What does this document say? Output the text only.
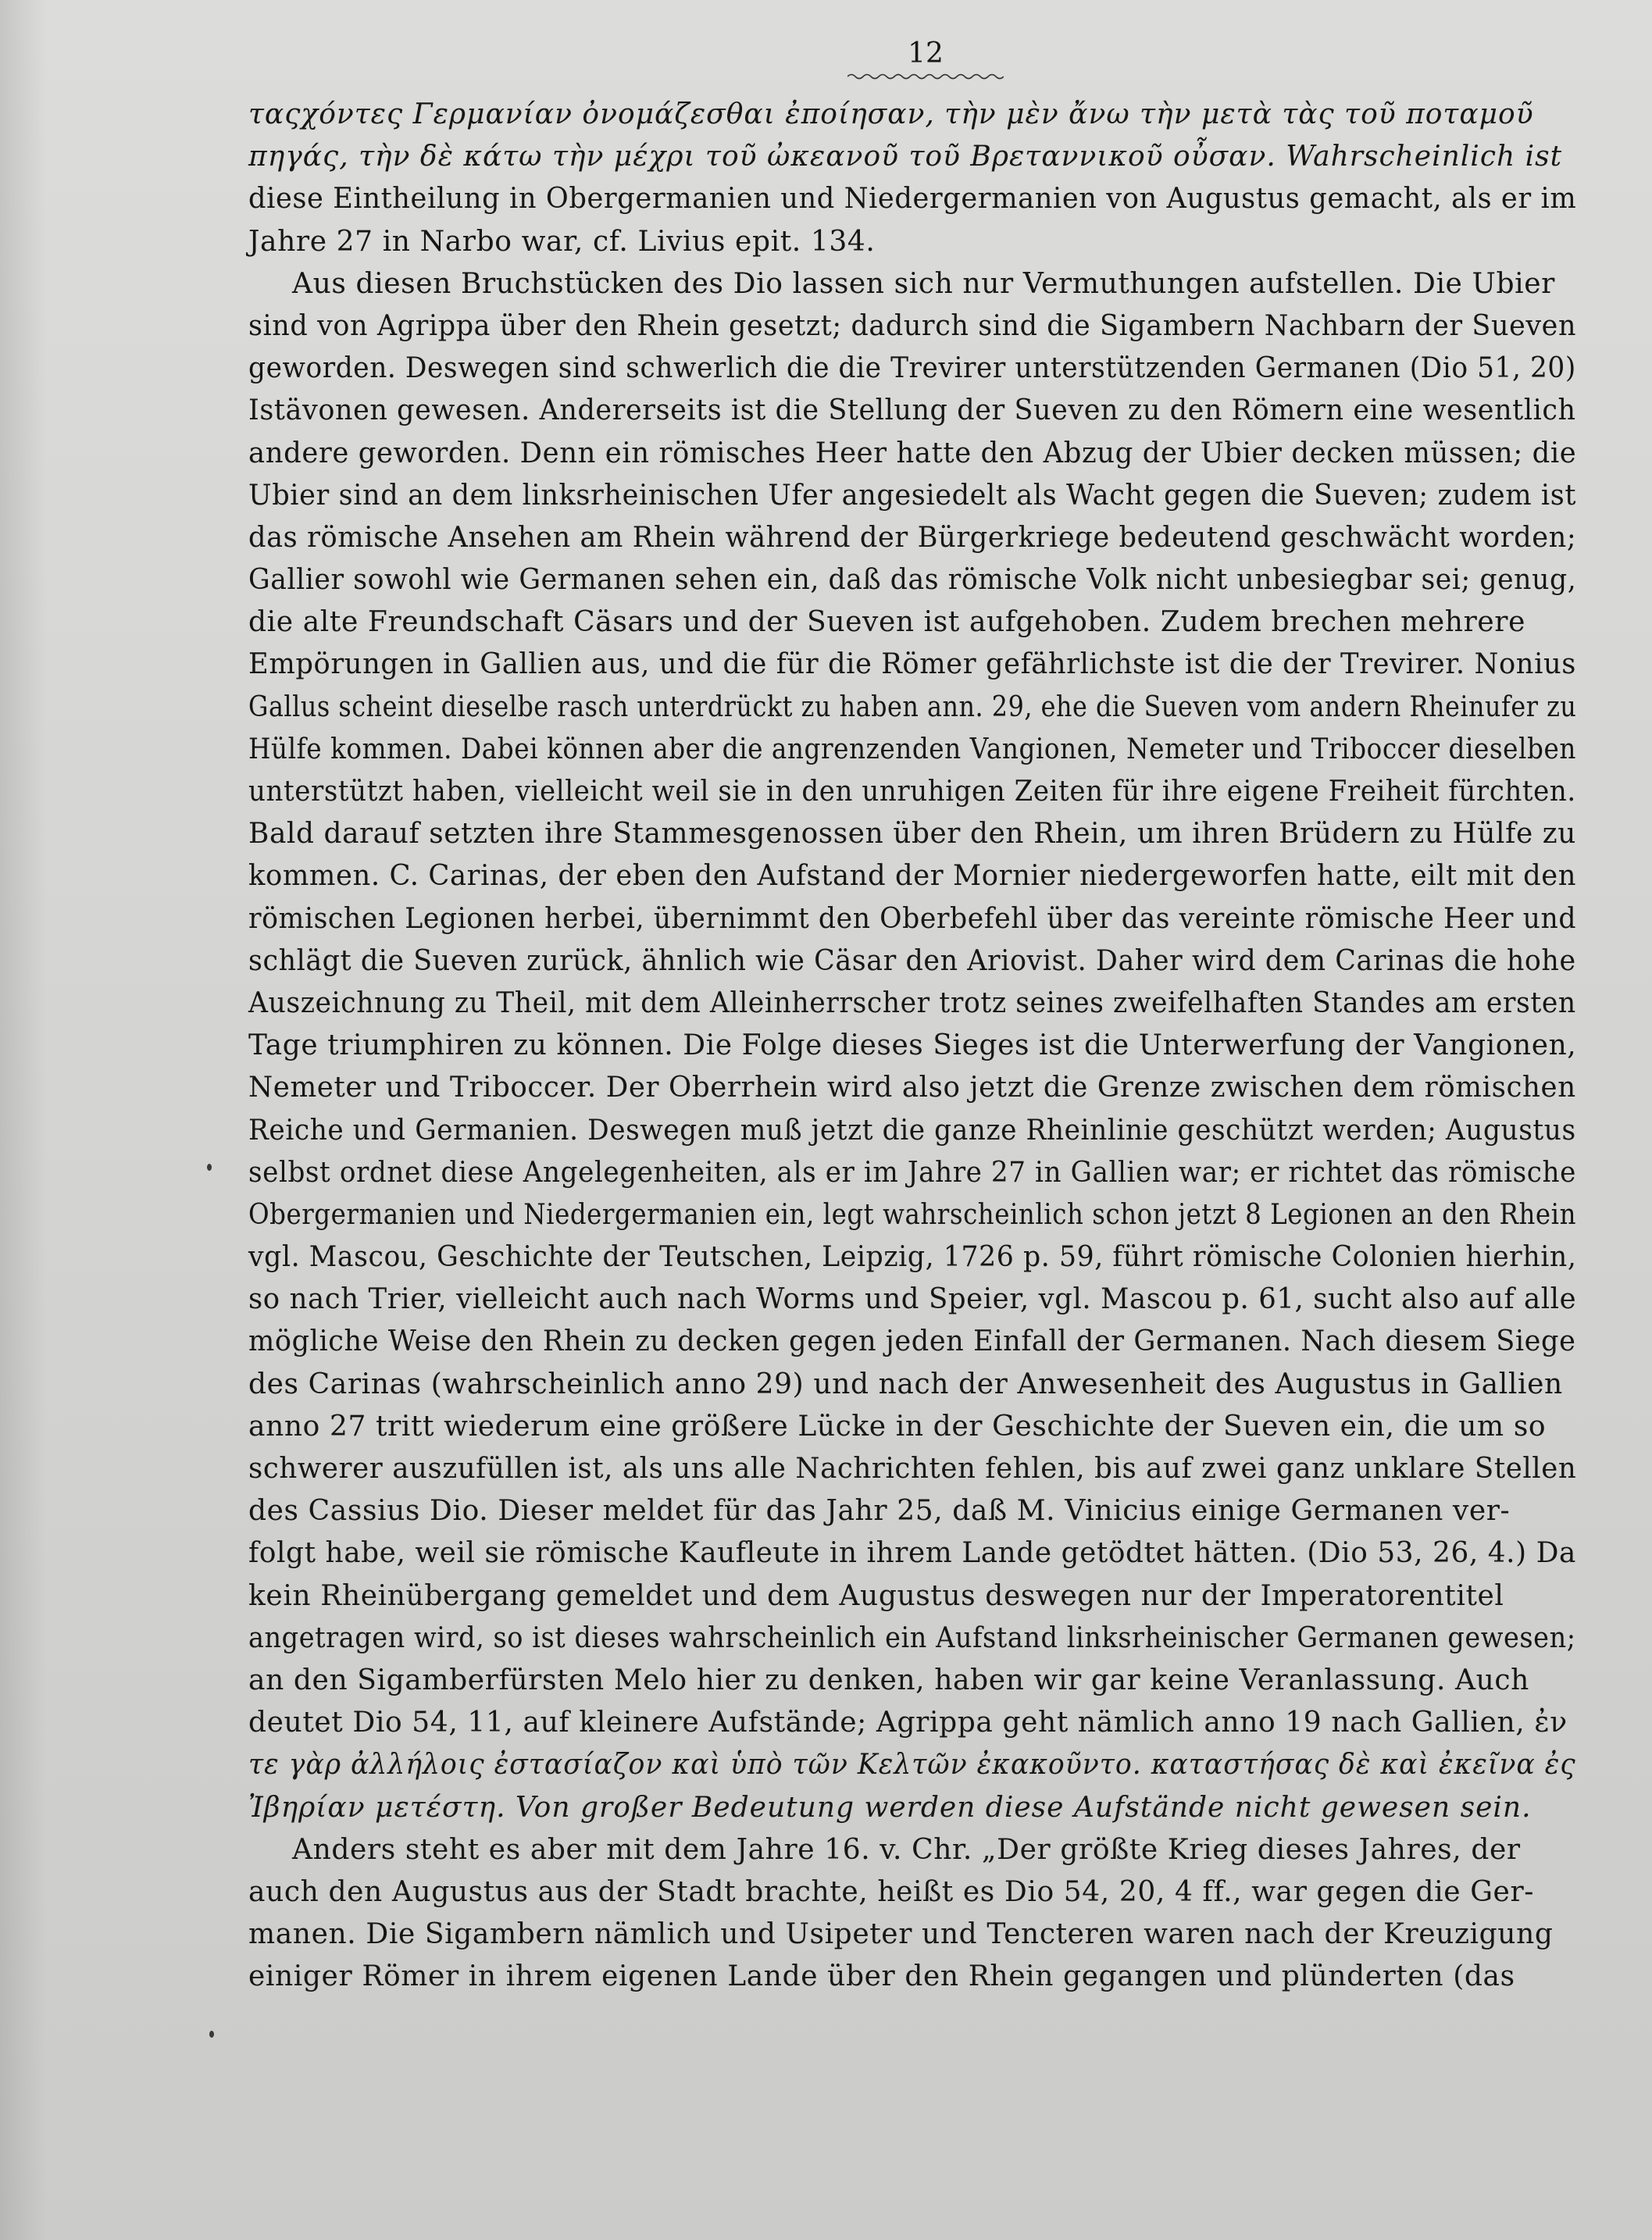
12
ταςχόντες Γερμανίαν ὀνομάζεσθαι ἐποίησαν, τὴν μὲν ἄνω τὴν μετὰ τὰς τοῦ ποταμοῦ
πηγάς, τὴν δὲ κάτω τὴν μέχρι τοῦ ὠκεανοῦ τοῦ Βρεταννικοῦ οὖσαν. Wahrscheinlich ist
diese Eintheilung in Obergermanien und Niedergermanien von Augustus gemacht, als er im
Jahre 27 in Narbo war, cf. Livius epit. 134.
Aus diesen Bruchstücken des Dio lassen sich nur Vermuthungen aufstellen. Die Ubier
sind von Agrippa über den Rhein gesetzt; dadurch sind die Sigambern Nachbarn der Sueven
geworden. Deswegen sind schwerlich die die Trevirer unterstützenden Germanen (Dio 51, 20)
Istävonen gewesen. Andererseits ist die Stellung der Sueven zu den Römern eine wesentlich
andere geworden. Denn ein römisches Heer hatte den Abzug der Ubier decken müssen; die
Ubier sind an dem linksrheinischen Ufer angesiedelt als Wacht gegen die Sueven; zudem ist
das römische Ansehen am Rhein während der Bürgerkriege bedeutend geschwächt worden;
Gallier sowohl wie Germanen sehen ein, daß das römische Volk nicht unbesiegbar sei; genug,
die alte Freundschaft Cäsars und der Sueven ist aufgehoben. Zudem brechen mehrere
Empörungen in Gallien aus, und die für die Römer gefährlichste ist die der Trevirer. Nonius
Gallus scheint dieselbe rasch unterdrückt zu haben ann. 29, ehe die Sueven vom andern Rheinufer zu
Hülfe kommen. Dabei können aber die angrenzenden Vangionen, Nemeter und Triboccer dieselben
unterstützt haben, vielleicht weil sie in den unruhigen Zeiten für ihre eigene Freiheit fürchten.
Bald darauf setzten ihre Stammesgenossen über den Rhein, um ihren Brüdern zu Hülfe zu
kommen. C. Carinas, der eben den Aufstand der Mornier niedergeworfen hatte, eilt mit den
römischen Legionen herbei, übernimmt den Oberbefehl über das vereinte römische Heer und
schlägt die Sueven zurück, ähnlich wie Cäsar den Ariovist. Daher wird dem Carinas die hohe
Auszeichnung zu Theil, mit dem Alleinherrscher trotz seines zweifelhaften Standes am ersten
Tage triumphiren zu können. Die Folge dieses Sieges ist die Unterwerfung der Vangionen,
Nemeter und Triboccer. Der Oberrhein wird also jetzt die Grenze zwischen dem römischen
Reiche und Germanien. Deswegen muß jetzt die ganze Rheinlinie geschützt werden; Augustus
selbst ordnet diese Angelegenheiten, als er im Jahre 27 in Gallien war; er richtet das römische
Obergermanien und Niedergermanien ein, legt wahrscheinlich schon jetzt 8 Legionen an den Rhein
vgl. Mascou, Geschichte der Teutschen, Leipzig, 1726 p. 59, führt römische Colonien hierhin,
so nach Trier, vielleicht auch nach Worms und Speier, vgl. Mascou p. 61, sucht also auf alle
mögliche Weise den Rhein zu decken gegen jeden Einfall der Germanen. Nach diesem Siege
des Carinas (wahrscheinlich anno 29) und nach der Anwesenheit des Augustus in Gallien
anno 27 tritt wiederum eine größere Lücke in der Geschichte der Sueven ein, die um so
schwerer auszufüllen ist, als uns alle Nachrichten fehlen, bis auf zwei ganz unklare Stellen
des Cassius Dio. Dieser meldet für das Jahr 25, daß M. Vinicius einige Germanen ver-
folgt habe, weil sie römische Kaufleute in ihrem Lande getödtet hätten. (Dio 53, 26, 4.) Da
kein Rheinübergang gemeldet und dem Augustus deswegen nur der Imperatorentitel
angetragen wird, so ist dieses wahrscheinlich ein Aufstand linksrheinischer Germanen gewesen;
an den Sigamberfürsten Melo hier zu denken, haben wir gar keine Veranlassung. Auch
deutet Dio 54, 11, auf kleinere Aufstände; Agrippa geht nämlich anno 19 nach Gallien, ἐν
τε γὰρ ἀλλήλοις ἐστασίαζον καὶ ὑπὸ τῶν Κελτῶν ἐκακοῦντο. καταστήσας δὲ καὶ ἐκεῖνα ἐς
Ἰβηρίαν μετέστη. Von großer Bedeutung werden diese Aufstände nicht gewesen sein.
Anders steht es aber mit dem Jahre 16. v. Chr. „Der größte Krieg dieses Jahres, der
auch den Augustus aus der Stadt brachte, heißt es Dio 54, 20, 4 ff., war gegen die Ger-
manen. Die Sigambern nämlich und Usipeter und Tencteren waren nach der Kreuzigung
einiger Römer in ihrem eigenen Lande über den Rhein gegangen und plünderten (das
